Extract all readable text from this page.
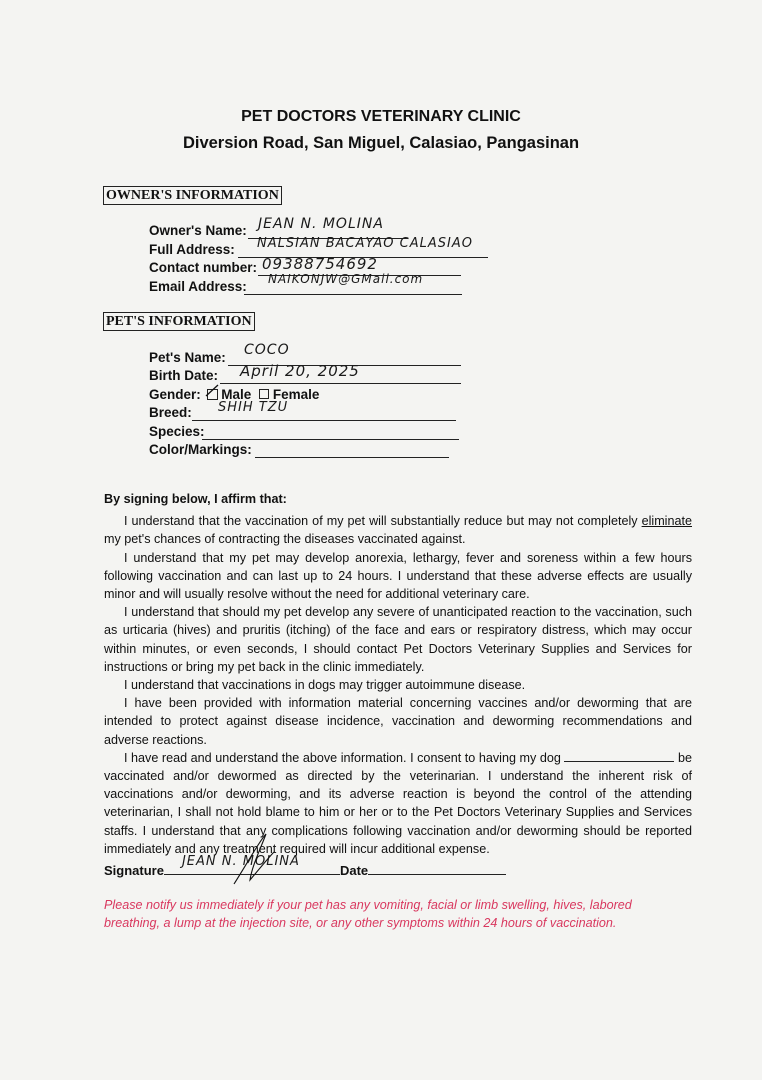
PET DOCTORS VETERINARY CLINIC
Diversion Road, San Miguel, Calasiao, Pangasinan
OWNER'S INFORMATION
Owner's Name: JEAN N. MOLINA
Full Address: NALSIAN BACAYAO CALASIAO
Contact number: 09388754692
Email Address: NAIKONJW@GMail.com
PET'S INFORMATION
Pet's Name: COCO
Birth Date: April 20, 2025
Gender: Male Female
Breed: SHIH TZU
Species:
Color/Markings:

By signing below, I affirm that:

I understand that the vaccination of my pet will substantially reduce but may not completely eliminate my pet's chances of contracting the diseases vaccinated against.

I understand that my pet may develop anorexia, lethargy, fever and soreness within a few hours following vaccination and can last up to 24 hours. I understand that these adverse effects are usually minor and will usually resolve without the need for additional veterinary care.

I understand that should my pet develop any severe of unanticipated reaction to the vaccination, such as urticaria (hives) and pruritis (itching) of the face and ears or respiratory distress, which may occur within minutes, or even seconds, I should contact Pet Doctors Veterinary Supplies and Services for instructions or bring my pet back in the clinic immediately.

I understand that vaccinations in dogs may trigger autoimmune disease.

I have been provided with information material concerning vaccines and/or deworming that are intended to protect against disease incidence, vaccination and deworming recommendations and adverse reactions.

I have read and understand the above information. I consent to having my dog	be vaccinated and/or dewormed as directed by the veterinarian. I understand the inherent risk of vaccinations and/or deworming, and its adverse reaction is beyond the control of the attending veterinarian, I shall not hold blame to him or her or to the Pet Doctors Veterinary Supplies and Services staffs. I understand that any complications following vaccination and/or deworming should be reported immediately and any treatment required will incur additional expense.

Signature
JEAN N. MOLINA
Date
Please notify us immediately if your pet has any vomiting, facial or limb swelling, hives, labored breathing, a lump at the injection site, or any other symptoms within 24 hours of vaccination.
